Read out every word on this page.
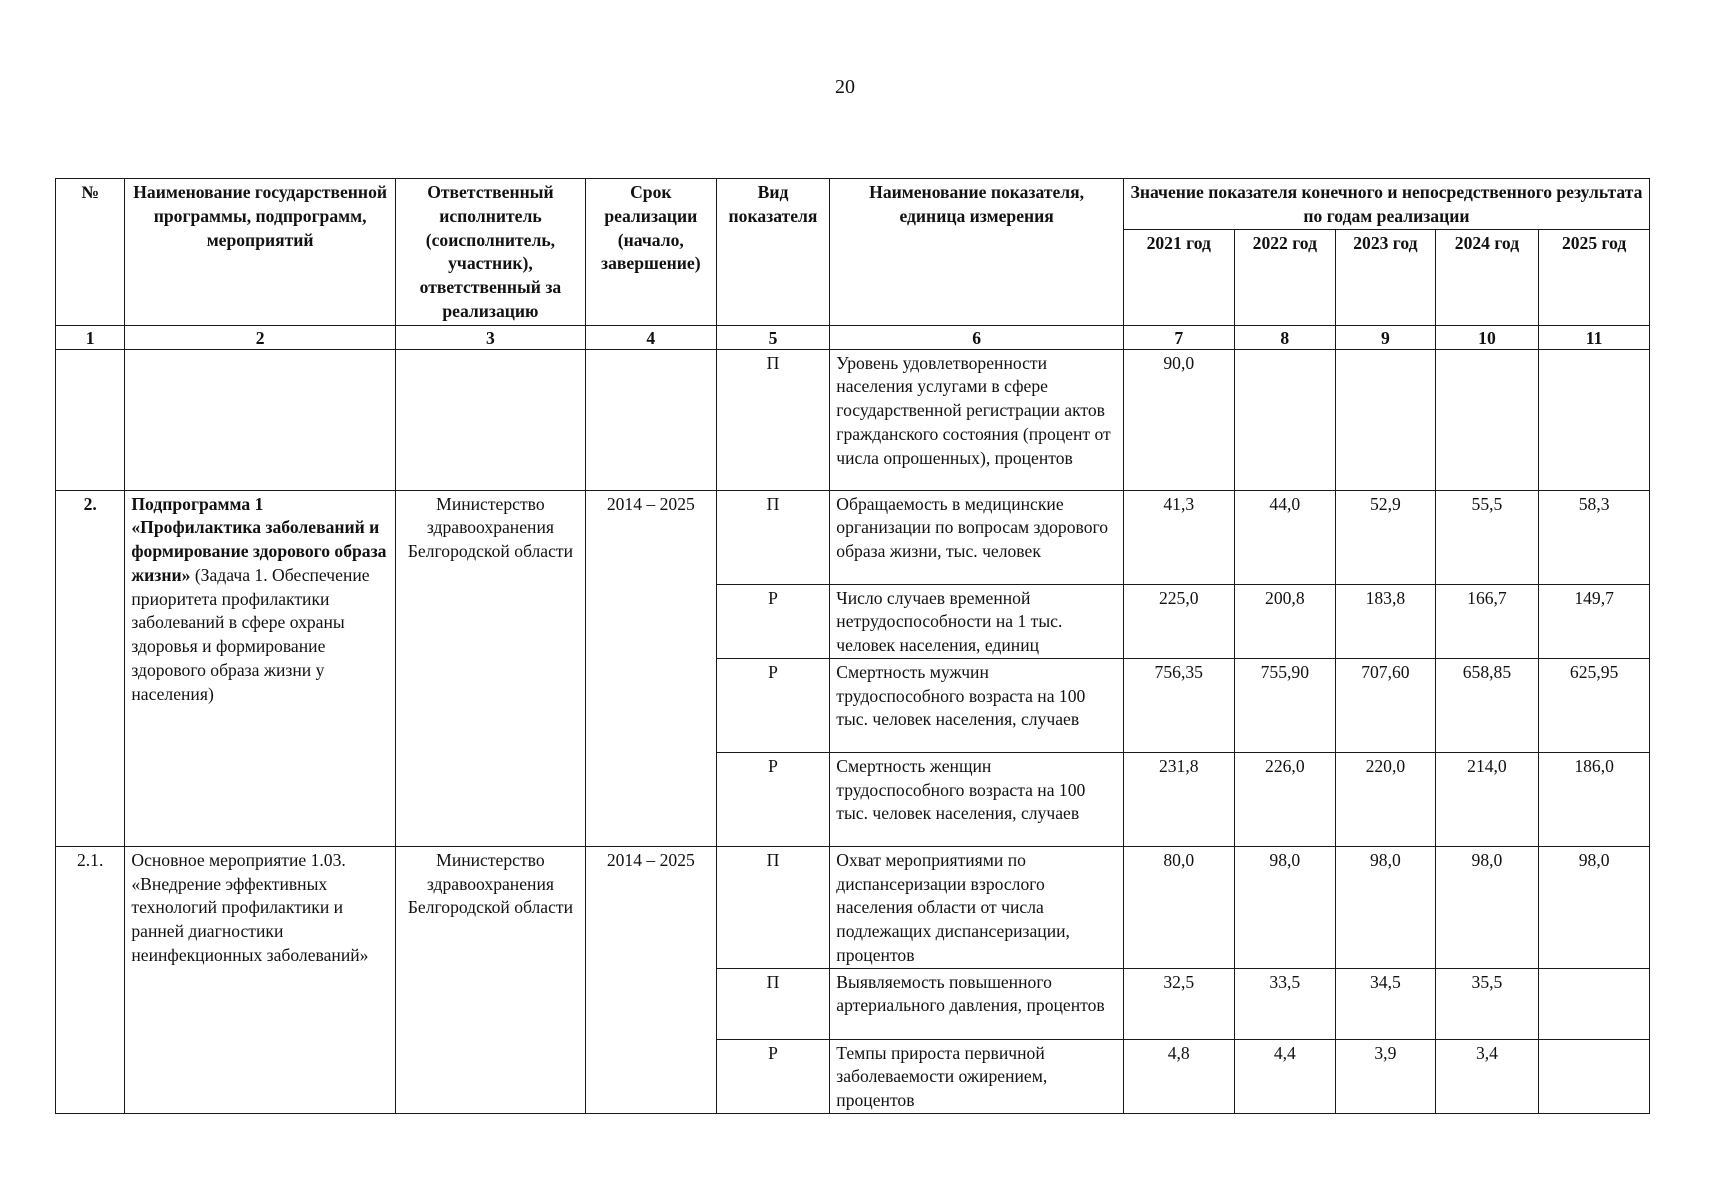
20
№	Наименование государственной программы, подпрограмм, мероприятий	Ответственный исполнитель (соисполнитель, участник), ответственный за реализацию	Срок реализации (начало, завершение)	Вид показателя	Наименование показателя, единица измерения	Значение показателя конечного и непосредственного результата по годам реализации				
						2021 год	2022 год	2023 год	2024 год	2025 год
1	2	3	4	5	6	7	8	9	10	11
				П	Уровень удовлетворенности населения услугами в сфере государственной регистрации актов гражданского состояния (процент от числа опрошенных), процентов	90,0				
2.	Подпрограмма 1 «Профилактика заболеваний и формирование здорового образа жизни» (Задача 1. Обеспечение приоритета профилактики заболеваний в сфере охраны здоровья и формирование здорового образа жизни у населения)	Министерство здравоохранения Белгородской области	2014 – 2025	П	Обращаемость в медицинские организации по вопросам здорового образа жизни, тыс. человек	41,3	44,0	52,9	55,5	58,3
				Р	Число случаев временной нетрудоспособности на 1 тыс. человек населения, единиц	225,0	200,8	183,8	166,7	149,7
				Р	Смертность мужчин трудоспособного возраста на 100 тыс. человек населения, случаев	756,35	755,90	707,60	658,85	625,95
				Р	Смертность женщин трудоспособного возраста на 100 тыс. человек населения, случаев	231,8	226,0	220,0	214,0	186,0
2.1.	Основное мероприятие 1.03. «Внедрение эффективных технологий профилактики и ранней диагностики неинфекционных заболеваний»	Министерство здравоохранения Белгородской области	2014 – 2025	П	Охват мероприятиями по диспансеризации взрослого населения области от числа подлежащих диспансеризации, процентов	80,0	98,0	98,0	98,0	98,0
				П	Выявляемость повышенного артериального давления, процентов	32,5	33,5	34,5	35,5	
				Р	Темпы прироста первичной заболеваемости ожирением, процентов	4,8	4,4	3,9	3,4	
